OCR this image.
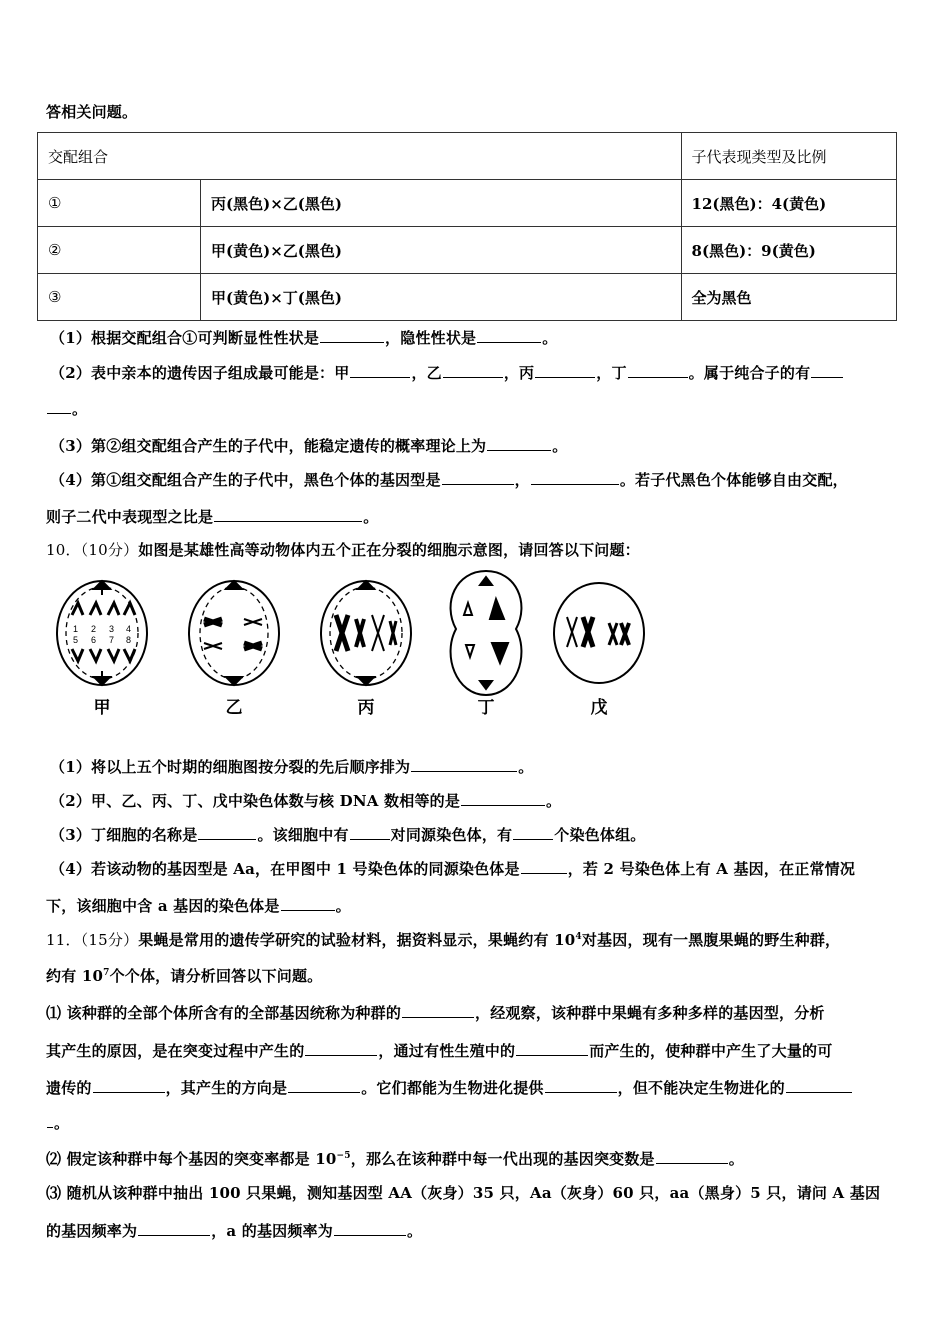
答相关问题。
交配组合		子代表现类型及比例
①	丙(黑色)×乙(黑色)	12(黑色)：4(黄色)
②	甲(黄色)×乙(黑色)	8(黑色)：9(黄色)
③	甲(黄色)×丁(黑色)	全为黑色
（1）根据交配组合①可判断显性性状是	，隐性性状是	。
（2）表中亲本的遗传因子组成最可能是：甲	，乙	，丙	，丁	。属于纯合子的有
。
（3）第②组交配组合产生的子代中，能稳定遗传的概率理论上为	。
（4）第①组交配组合产生的子代中，黑色个体的基因型是	，	。若子代黑色个体能够自由交配，
则子二代中表现型之比是	。
10．（10分）如图是某雄性高等动物体内五个正在分裂的细胞示意图，请回答以下问题：
1 2 3 4
5 6 7 8
甲	乙	丙	丁	戊
（1）将以上五个时期的细胞图按分裂的先后顺序排为	。
（2）甲、乙、丙、丁、戊中染色体数与核 DNA 数相等的是	。
（3）丁细胞的名称是	。该细胞中有	对同源染色体，有	个染色体组。
（4）若该动物的基因型是 Aa，在甲图中 1 号染色体的同源染色体是	，若 2 号染色体上有 A 基因，在正常情况
下，该细胞中含 a 基因的染色体是	。
11．（15分）果蝇是常用的遗传学研究的试验材料，据资料显示，果蝇约有 $10^4$对基因，现有一黑腹果蝇的野生种群，
约有 $10^7$个个体，请分析回答以下问题。
⑴ 该种群的全部个体所含有的全部基因统称为种群的	，经观察，该种群中果蝇有多种多样的基因型，分析
其产生的原因，是在突变过程中产生的	，通过有性生殖中的	而产生的，使种群中产生了大量的可
遗传的	，其产生的方向是	。它们都能为生物进化提供	，但不能决定生物进化的
。
⑵ 假定该种群中每个基因的突变率都是 $10^{-5}$，那么在该种群中每一代出现的基因突变数是	。
⑶ 随机从该种群中抽出 100 只果蝇，测知基因型 AA（灰身）35 只，Aa（灰身）60 只，aa（黑身）5 只，请问 A 基因
的基因频率为	，a 的基因频率为	。
